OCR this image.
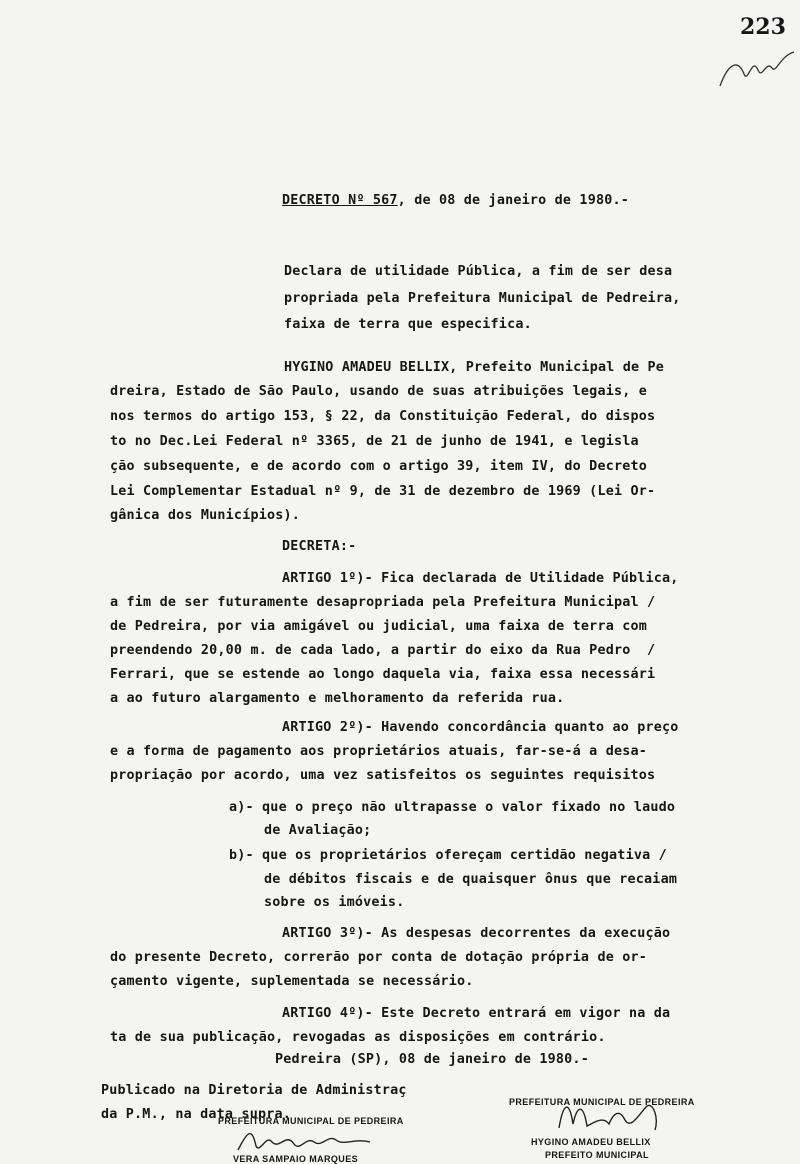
223
DECRETO Nº 567, de 08 de janeiro de 1980.-
Declara de utilidade Pública, a fim de ser desa
propriada pela Prefeitura Municipal de Pedreira,
faixa de terra que especifica.
HYGINO AMADEU BELLIX, Prefeito Municipal de Pe
dreira, Estado de São Paulo, usando de suas atribuições legais, e
nos termos do artigo 153, § 22, da Constituição Federal, do dispos
to no Dec.Lei Federal nº 3365, de 21 de junho de 1941, e legisla
ção subsequente, e de acordo com o artigo 39, item IV, do Decreto
Lei Complementar Estadual nº 9, de 31 de dezembro de 1969 (Lei Or-
gânica dos Municípios).
DECRETA:-
ARTIGO 1º)- Fica declarada de Utilidade Pública,
a fim de ser futuramente desapropriada pela Prefeitura Municipal /
de Pedreira, por via amigável ou judicial, uma faixa de terra com
preendendo 20,00 m. de cada lado, a partir do eixo da Rua Pedro  /
Ferrari, que se estende ao longo daquela via, faixa essa necessári
a ao futuro alargamento e melhoramento da referida rua.
ARTIGO 2º)- Havendo concordância quanto ao preço
e a forma de pagamento aos proprietários atuais, far-se-á a desa-
propriação por acordo, uma vez satisfeitos os seguintes requisitos
a)- que o preço não ultrapasse o valor fixado no laudo
de Avaliação;
b)- que os proprietários ofereçam certidão negativa /
de débitos fiscais e de quaisquer ônus que recaiam
sobre os imóveis.
ARTIGO 3º)- As despesas decorrentes da execução
do presente Decreto, correrão por conta de dotação própria de or-
çamento vigente, suplementada se necessário.
ARTIGO 4º)- Este Decreto entrará em vigor na da
ta de sua publicação, revogadas as disposições em contrário.
Pedreira (SP), 08 de janeiro de 1980.-
Publicado na Diretoria de Administraç
da P.M., na data supra.
PREFEITURA MUNICIPAL DE PEDREIRA
VERA SAMPAIO MARQUES
PREFEITURA MUNICIPAL DE PEDREIRA
HYGINO AMADEU BELLIX
PREFEITO MUNICIPAL
